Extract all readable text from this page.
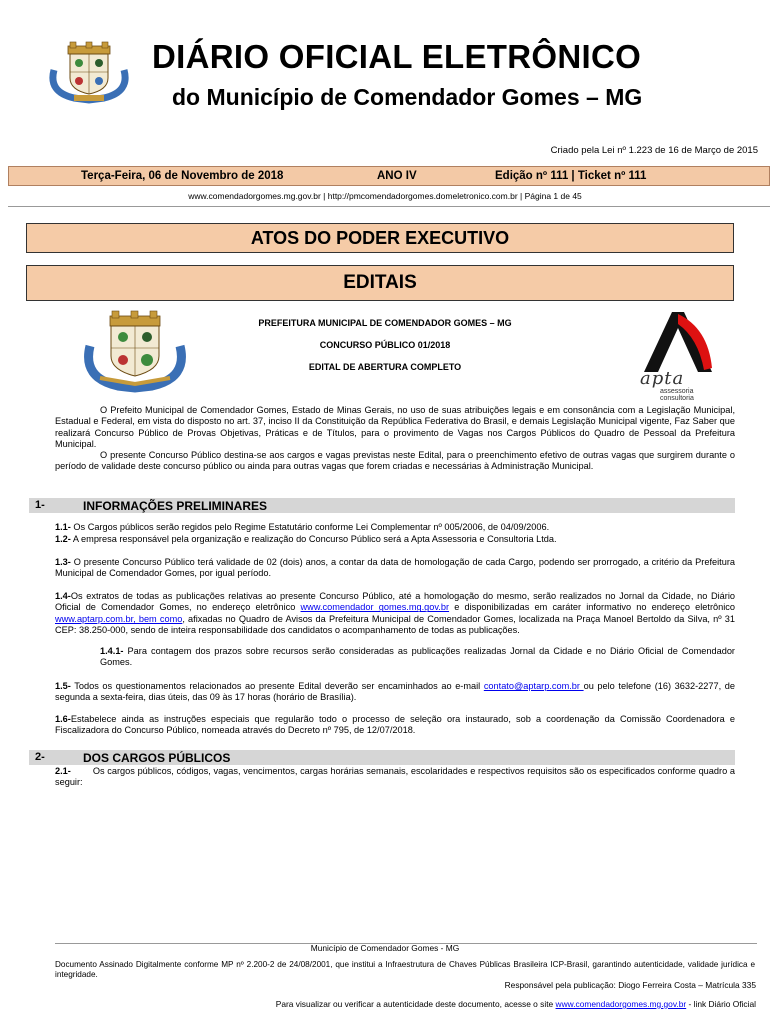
DIÁRIO OFICIAL ELETRÔNICO
do Município de Comendador Gomes – MG
Criado pela Lei nº 1.223 de 16 de Março de 2015
Terça-Feira, 06 de Novembro de 2018	ANO IV	Edição nº 111 | Ticket nº 111
www.comendadorgomes.mg.gov.br | http://pmcomendadorgomes.domeletronico.com.br | Página 1 de 45
ATOS DO PODER EXECUTIVO
EDITAIS
PREFEITURA MUNICIPAL DE COMENDADOR GOMES – MG
CONCURSO PÚBLICO 01/2018
EDITAL DE ABERTURA COMPLETO
apta
assessoria
consultoria
O Prefeito Municipal de Comendador Gomes, Estado de Minas Gerais, no uso de suas atribuições legais e em consonância com a Legislação Municipal, Estadual e Federal, em vista do disposto no art. 37, inciso II da Constituição da República Federativa do Brasil, e demais Legislação Municipal vigente, Faz Saber que realizará Concurso Público de Provas Objetivas, Práticas e de Títulos, para o provimento de Vagas nos Cargos Públicos do Quadro de Pessoal da Prefeitura Municipal.
O presente Concurso Público destina-se aos cargos e vagas previstas neste Edital, para o preenchimento efetivo de outras vagas que surgirem durante o período de validade deste concurso público ou ainda para outras vagas que forem criadas e necessárias à Administração Municipal.
1-	INFORMAÇÕES PRELIMINARES
1.1- Os Cargos públicos serão regidos pelo Regime Estatutário conforme Lei Complementar nº 005/2006, de 04/09/2006.
1.2- A empresa responsável pela organização e realização do Concurso Público será a Apta Assessoria e Consultoria Ltda.
1.3- O presente Concurso Público terá validade de 02 (dois) anos, a contar da data de homologação de cada Cargo, podendo ser prorrogado, a critério da Prefeitura Municipal de Comendador Gomes, por igual período.
1.4-Os extratos de todas as publicações relativas ao presente Concurso Público, até a homologação do mesmo, serão realizados no Jornal da Cidade, no Diário Oficial de Comendador Gomes, no endereço eletrônico www.comendador gomes.mg.gov.br e disponibilizadas em caráter informativo no endereço eletrônico www.aptarp.com.br, bem como, afixadas no Quadro de Avisos da Prefeitura Municipal de Comendador Gomes, localizada na Praça Manoel Bertoldo da Silva, nº 31 CEP: 38.250-000, sendo de inteira responsabilidade dos candidatos o acompanhamento de todas as publicações.
1.4.1- Para contagem dos prazos sobre recursos serão consideradas as publicações realizadas Jornal da Cidade e no Diário Oficial de Comendador Gomes.
1.5- Todos os questionamentos relacionados ao presente Edital deverão ser encaminhados ao e-mail contato@aptarp.com.br ou pelo telefone (16) 3632-2277, de segunda a sexta-feira, dias úteis, das 09 às 17 horas (horário de Brasília).
1.6-Estabelece ainda as instruções especiais que regularão todo o processo de seleção ora instaurado, sob a coordenação da Comissão Coordenadora e Fiscalizadora do Concurso Público, nomeada através do Decreto nº 795, de 12/07/2018.
2-	DOS CARGOS PÚBLICOS
2.1- Os cargos públicos, códigos, vagas, vencimentos, cargas horárias semanais, escolaridades e respectivos requisitos são os especificados conforme quadro a seguir:
Município de Comendador Gomes - MG
Documento Assinado Digitalmente conforme MP nº 2.200-2 de 24/08/2001, que institui a Infraestrutura de Chaves Públicas Brasileira ICP-Brasil, garantindo autenticidade, validade jurídica e integridade.
Responsável pela publicação: Diogo Ferreira Costa – Matrícula 335
Para visualizar ou verificar a autenticidade deste documento, acesse o site www.comendadorgomes.mg.gov.br - link Diário Oficial
